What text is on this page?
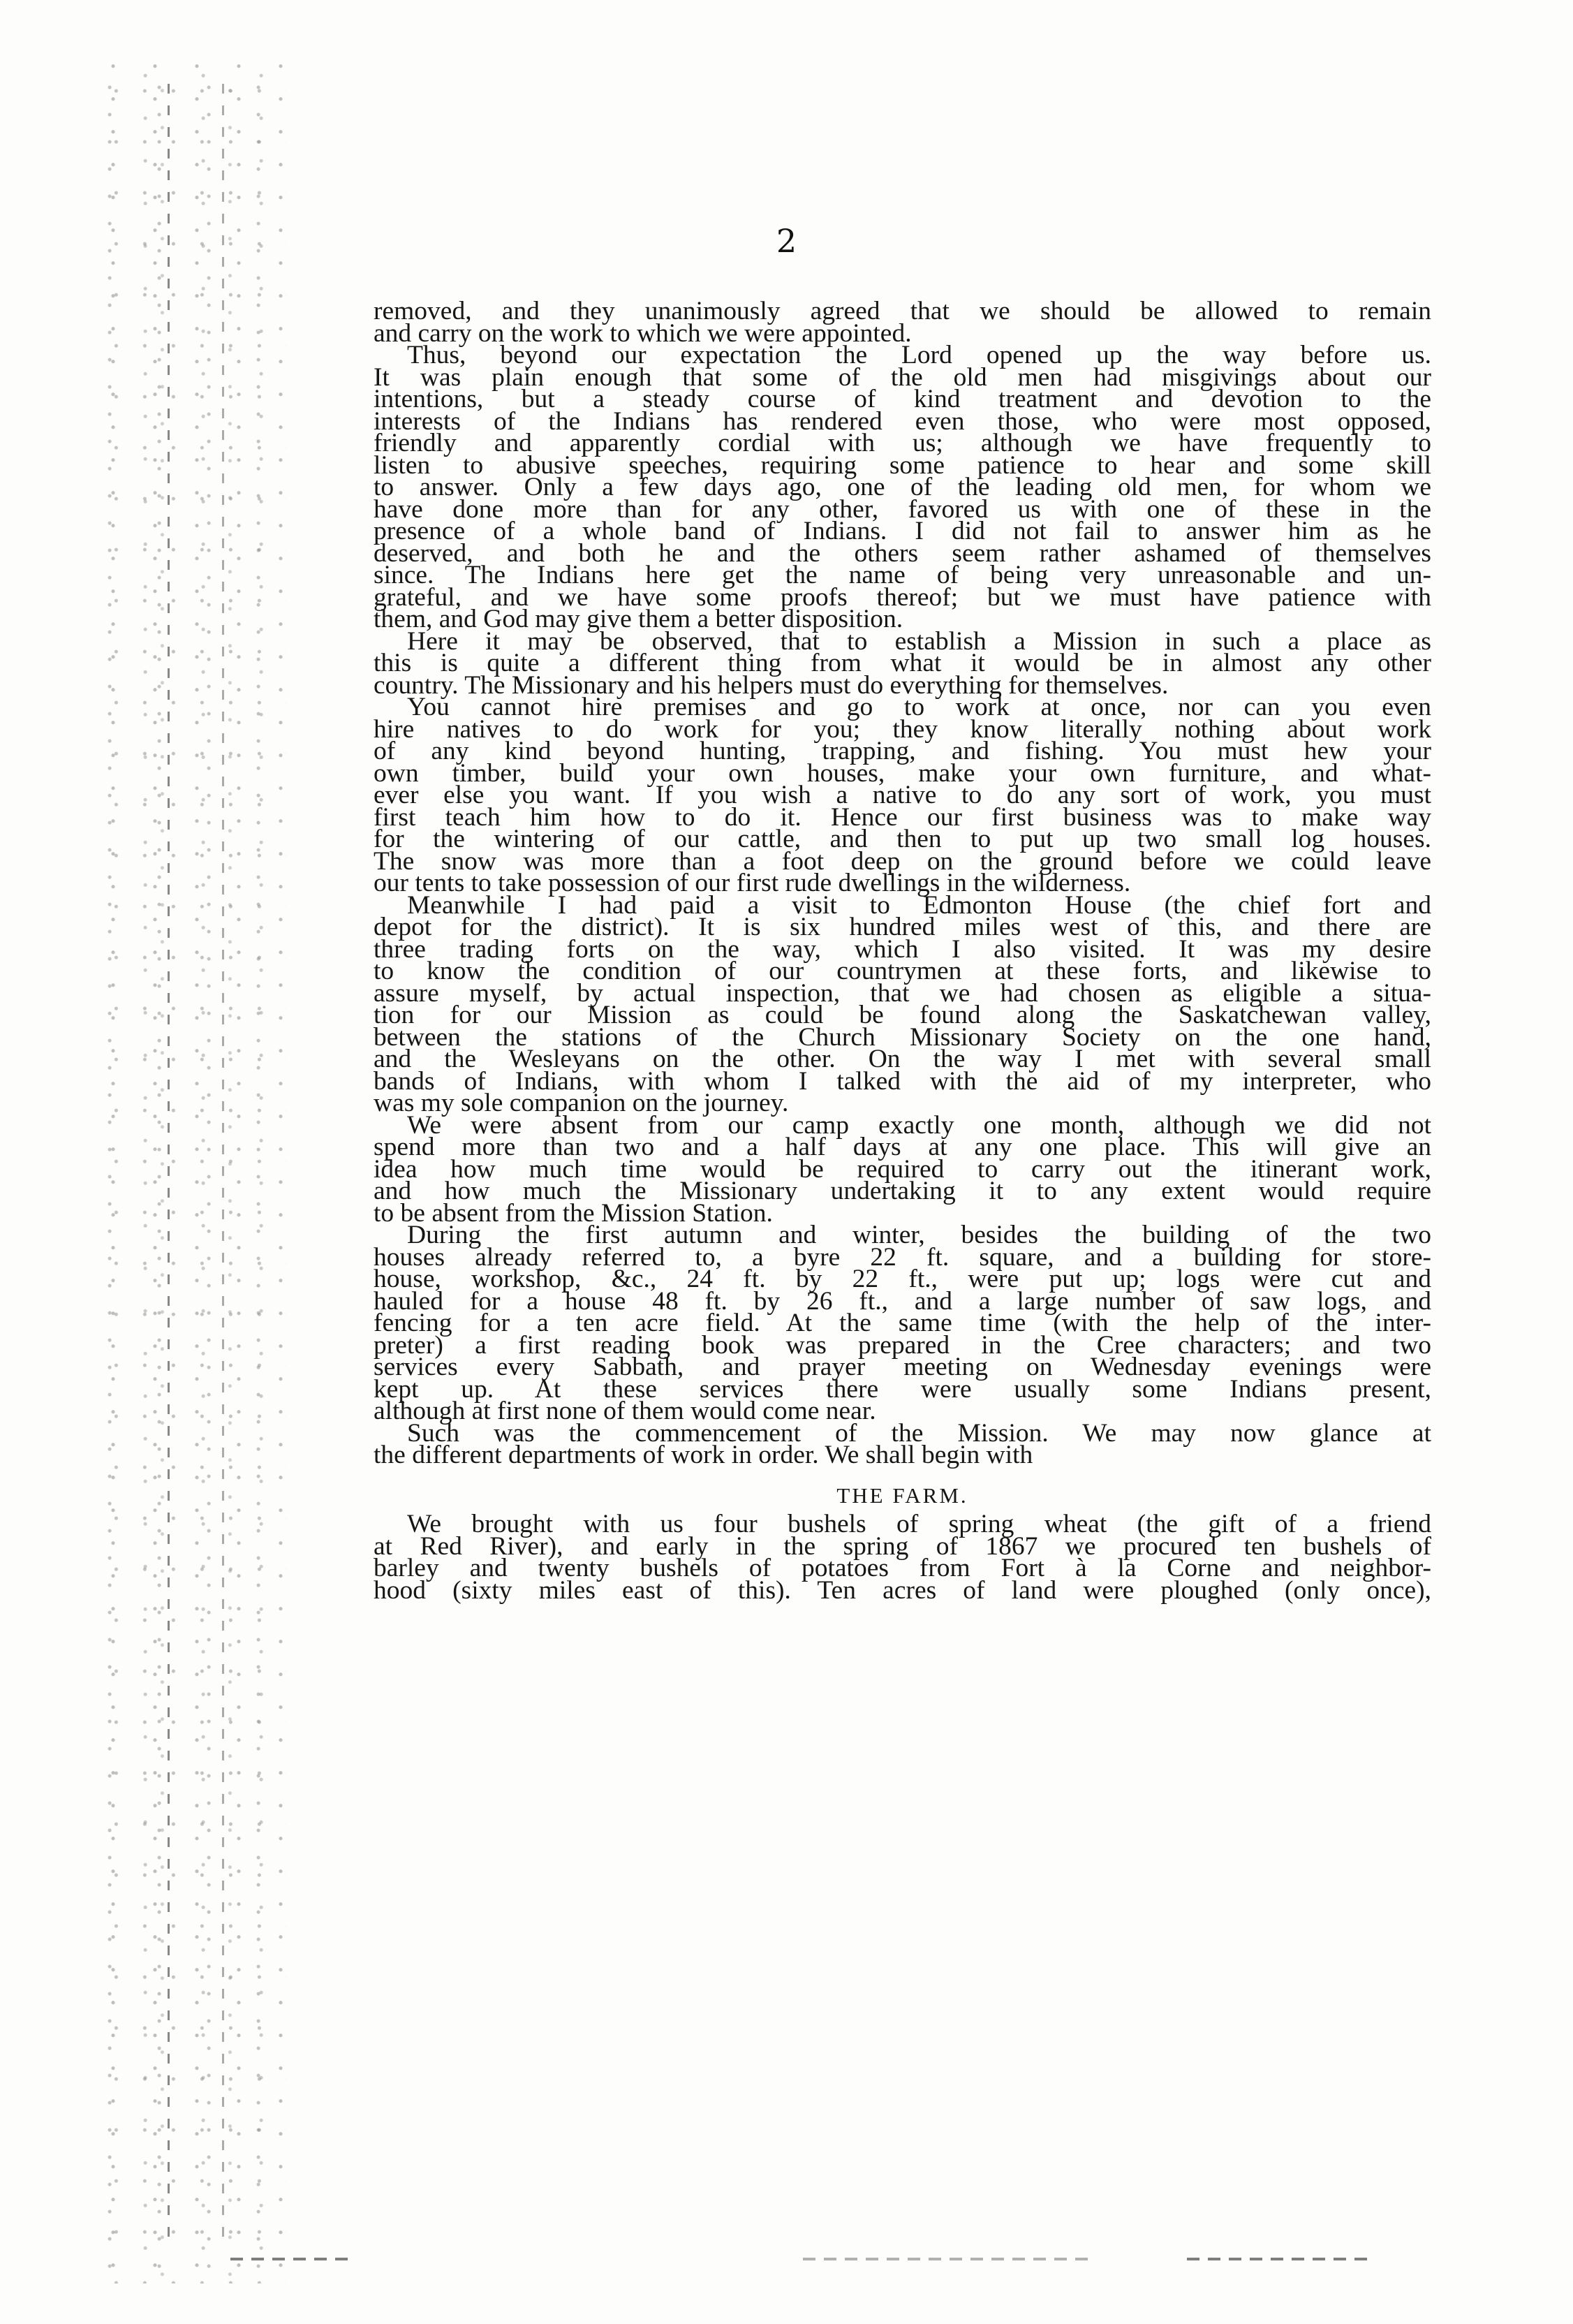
2
removed, and they unanimously agreed that we should be allowed to remain
and carry on the work to which we were appointed.
Thus, beyond our expectation the Lord opened up the way before us.
It was plain enough that some of the old men had misgivings about our
intentions, but a steady course of kind treatment and devotion to the
interests of the Indians has rendered even those, who were most opposed,
friendly and apparently cordial with us; although we have frequently to
listen to abusive speeches, requiring some patience to hear and some skill
to answer. Only a few days ago, one of the leading old men, for whom we
have done more than for any other, favored us with one of these in the
presence of a whole band of Indians. I did not fail to answer him as he
deserved, and both he and the others seem rather ashamed of themselves
since. The Indians here get the name of being very unreasonable and un-
grateful, and we have some proofs thereof; but we must have patience with
them, and God may give them a better disposition.
Here it may be observed, that to establish a Mission in such a place as
this is quite a different thing from what it would be in almost any other
country. The Missionary and his helpers must do everything for themselves.
You cannot hire premises and go to work at once, nor can you even
hire natives to do work for you; they know literally nothing about work
of any kind beyond hunting, trapping, and fishing. You must hew your
own timber, build your own houses, make your own furniture, and what-
ever else you want. If you wish a native to do any sort of work, you must
first teach him how to do it. Hence our first business was to make way
for the wintering of our cattle, and then to put up two small log houses.
The snow was more than a foot deep on the ground before we could leave
our tents to take possession of our first rude dwellings in the wilderness.
Meanwhile I had paid a visit to Edmonton House (the chief fort and
depot for the district). It is six hundred miles west of this, and there are
three trading forts on the way, which I also visited. It was my desire
to know the condition of our countrymen at these forts, and likewise to
assure myself, by actual inspection, that we had chosen as eligible a situa-
tion for our Mission as could be found along the Saskatchewan valley,
between the stations of the Church Missionary Society on the one hand,
and the Wesleyans on the other. On the way I met with several small
bands of Indians, with whom I talked with the aid of my interpreter, who
was my sole companion on the journey.
We were absent from our camp exactly one month, although we did not
spend more than two and a half days at any one place. This will give an
idea how much time would be required to carry out the itinerant work,
and how much the Missionary undertaking it to any extent would require
to be absent from the Mission Station.
During the first autumn and winter, besides the building of the two
houses already referred to, a byre 22 ft. square, and a building for store-
house, workshop, &c., 24 ft. by 22 ft., were put up; logs were cut and
hauled for a house 48 ft. by 26 ft., and a large number of saw logs, and
fencing for a ten acre field. At the same time (with the help of the inter-
preter) a first reading book was prepared in the Cree characters; and two
services every Sabbath, and prayer meeting on Wednesday evenings were
kept up. At these services there were usually some Indians present,
although at first none of them would come near.
Such was the commencement of the Mission. We may now glance at
the different departments of work in order. We shall begin with
THE FARM.
We brought with us four bushels of spring wheat (the gift of a friend
at Red River), and early in the spring of 1867 we procured ten bushels of
barley and twenty bushels of potatoes from Fort à la Corne and neighbor-
hood (sixty miles east of this). Ten acres of land were ploughed (only once),
